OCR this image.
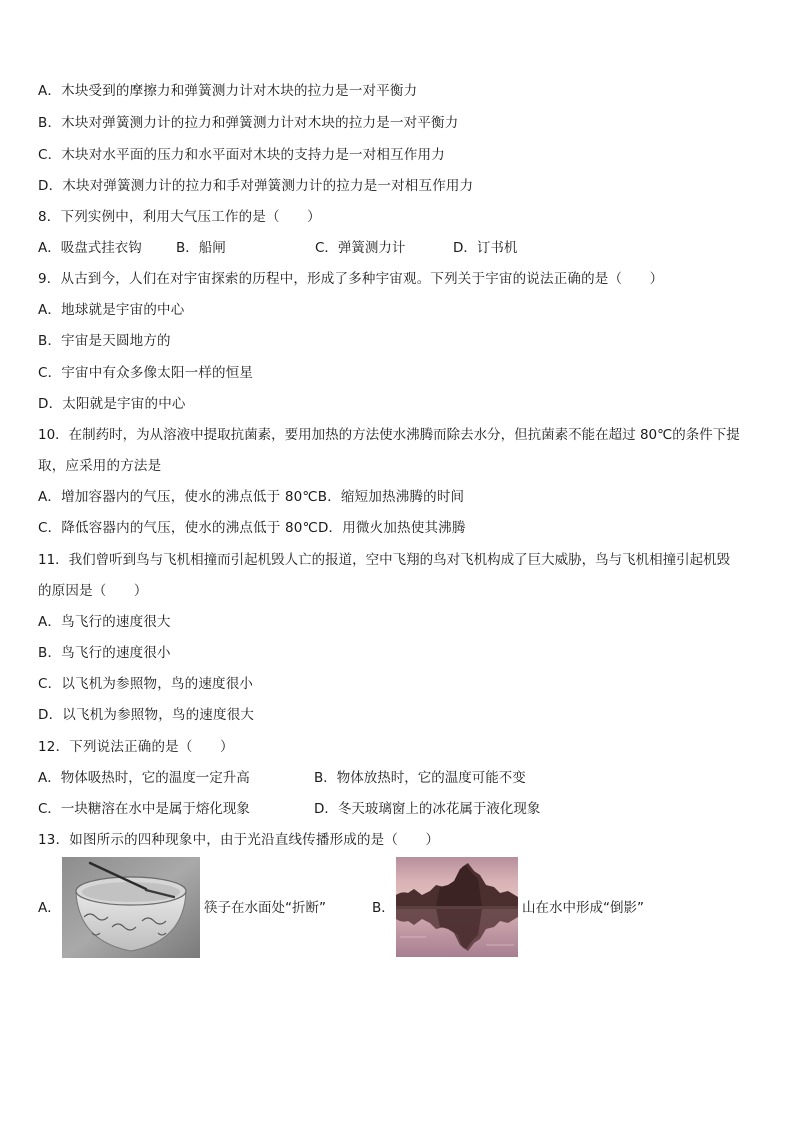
A．木块受到的摩擦力和弹簧测力计对木块的拉力是一对平衡力
B．木块对弹簧测力计的拉力和弹簧测力计对木块的拉力是一对平衡力
C．木块对水平面的压力和水平面对木块的支持力是一对相互作用力
D．木块对弹簧测力计的拉力和手对弹簧测力计的拉力是一对相互作用力
8．下列实例中，利用大气压工作的是（　　）
A．吸盘式挂衣钩	B．船闸	C．弹簧测力计	D．订书机
9．从古到今，人们在对宇宙探索的历程中，形成了多种宇宙观。下列关于宇宙的说法正确的是（　　）
A．地球就是宇宙的中心
B．宇宙是天圆地方的
C．宇宙中有众多像太阳一样的恒星
D．太阳就是宇宙的中心
10．在制药时，为从溶液中提取抗菌素，要用加热的方法使水沸腾而除去水分，但抗菌素不能在超过 80℃的条件下提
取，应采用的方法是
A．增加容器内的气压，使水的沸点低于 80℃B．缩短加热沸腾的时间
C．降低容器内的气压，使水的沸点低于 80℃D．用微火加热使其沸腾
11．我们曾听到鸟与飞机相撞而引起机毁人亡的报道，空中飞翔的鸟对飞机构成了巨大威胁，鸟与飞机相撞引起机毁
的原因是（　　）
A．鸟飞行的速度很大
B．鸟飞行的速度很小
C．以飞机为参照物，鸟的速度很小
D．以飞机为参照物，鸟的速度很大
12．下列说法正确的是（　　）
A．物体吸热时，它的温度一定升高	B．物体放热时，它的温度可能不变
C．一块糖溶在水中是属于熔化现象	D．冬天玻璃窗上的冰花属于液化现象
13．如图所示的四种现象中，由于光沿直线传播形成的是（　　）
A．	筷子在水面处“折断”	B．	山在水中形成“倒影”
